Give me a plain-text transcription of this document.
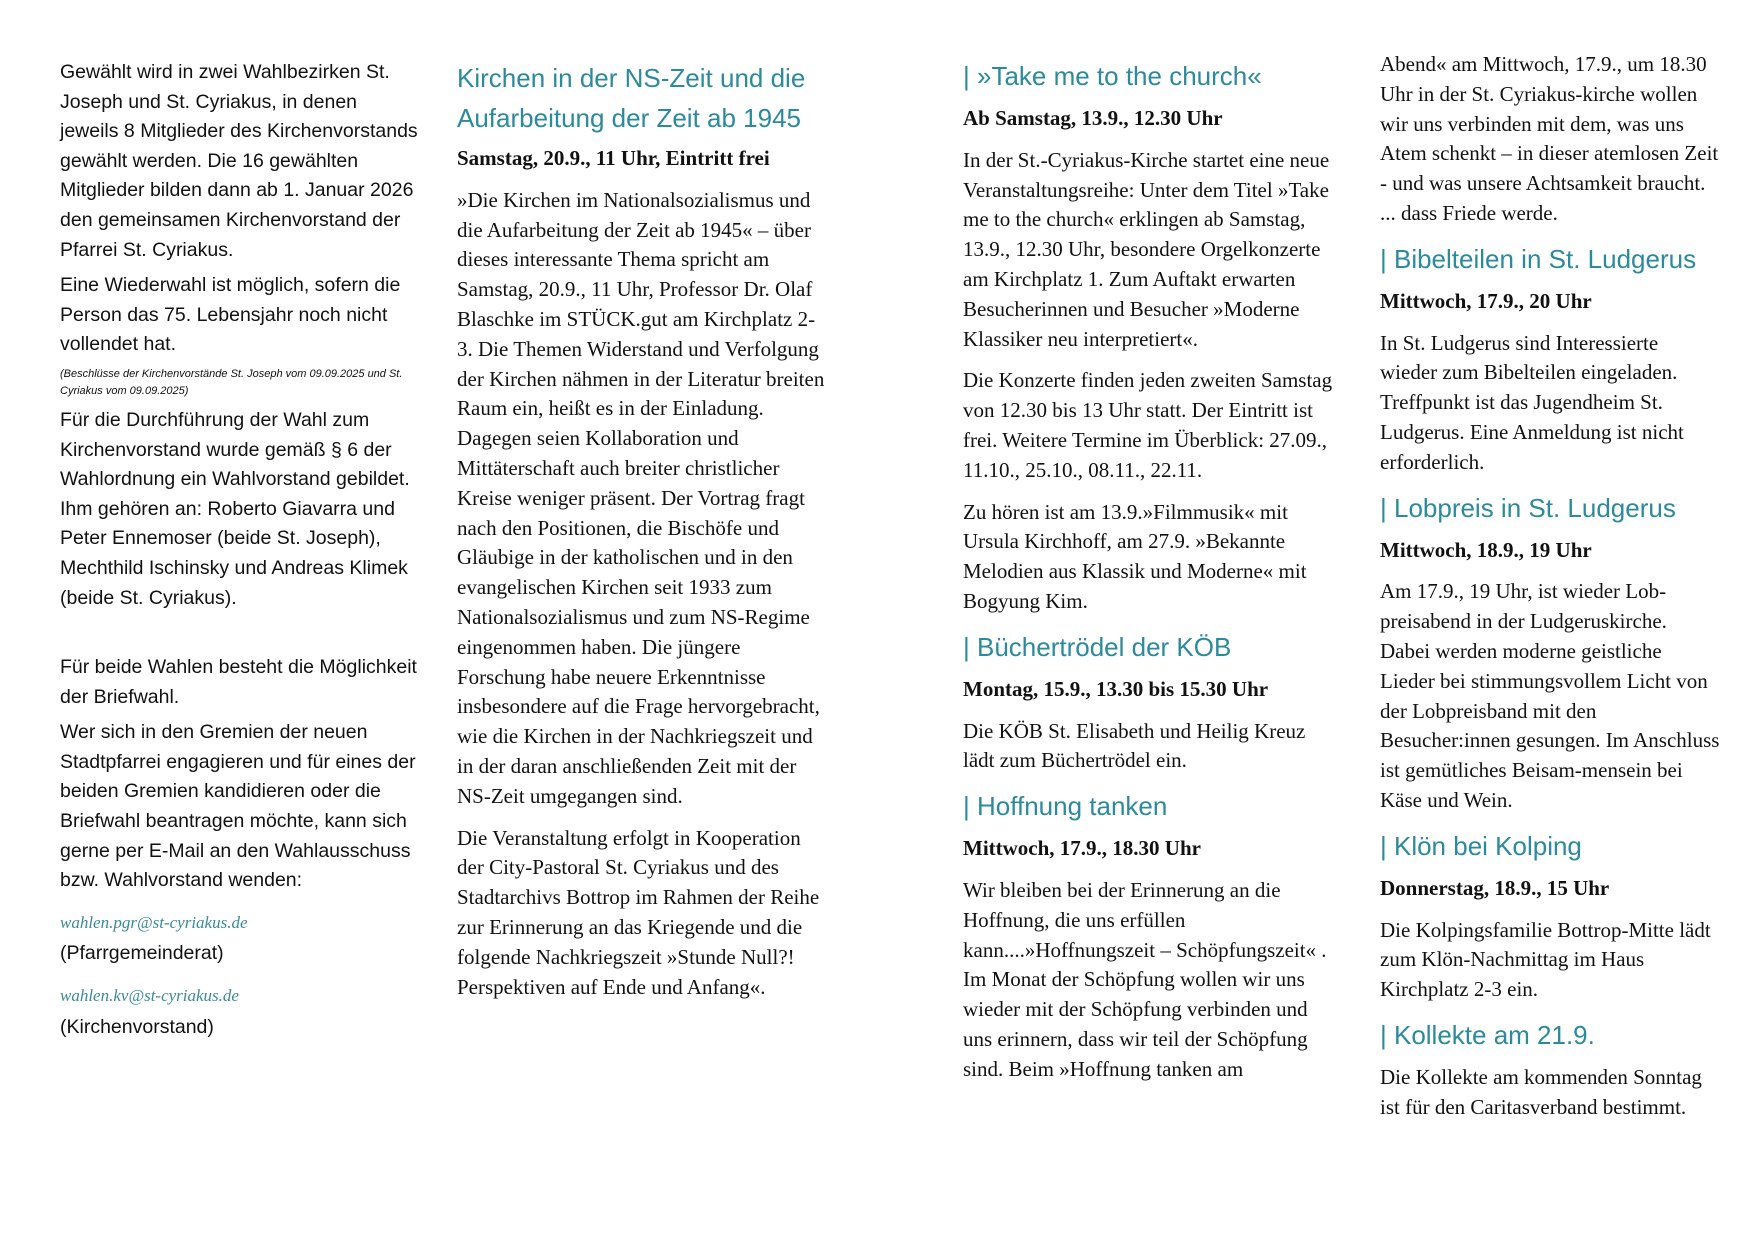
Gewählt wird in zwei Wahlbezirken St. Joseph und St. Cyriakus, in denen jeweils 8 Mitglieder des Kirchenvorstands gewählt werden. Die 16 gewählten Mitglieder bilden dann ab 1. Januar 2026 den gemeinsamen Kirchenvorstand der Pfarrei St. Cyriakus.

Eine Wiederwahl ist möglich, sofern die Person das 75. Lebensjahr noch nicht vollendet hat.

(Beschlüsse der Kirchenvorstände St. Joseph vom 09.09.2025 und St. Cyriakus vom 09.09.2025)

Für die Durchführung der Wahl zum Kirchenvorstand wurde gemäß § 6 der Wahlordnung ein Wahlvorstand gebildet. Ihm gehören an: Roberto Giavarra und Peter Ennemoser (beide St. Joseph), Mechthild Ischinsky und Andreas Klimek (beide St. Cyriakus).

Für beide Wahlen besteht die Möglichkeit der Briefwahl.

Wer sich in den Gremien der neuen Stadtpfarrei engagieren und für eines der beiden Gremien kandidieren oder die Briefwahl beantragen möchte, kann sich gerne per E-Mail an den Wahlausschuss bzw. Wahlvorstand wenden:

wahlen.pgr@st-cyriakus.de
(Pfarrgemeinderat)
wahlen.kv@st-cyriakus.de
(Kirchenvorstand)
Kirchen in der NS-Zeit und die Aufarbeitung der Zeit ab 1945

Samstag, 20.9., 11 Uhr, Eintritt frei

»Die Kirchen im Nationalsozialismus und die Aufarbeitung der Zeit ab 1945« – über dieses interessante Thema spricht am Samstag, 20.9., 11 Uhr, Professor Dr. Olaf Blaschke im STÜCK.gut am Kirchplatz 2-3. Die Themen Widerstand und Verfolgung der Kirchen nähmen in der Literatur breiten Raum ein, heißt es in der Einladung. Dagegen seien Kollaboration und Mittäterschaft auch breiter christlicher Kreise weniger präsent. Der Vortrag fragt nach den Positionen, die Bischöfe und Gläubige in der katholischen und in den evangelischen Kirchen seit 1933 zum Nationalsozialismus und zum NS-Regime eingenommen haben. Die jüngere Forschung habe neuere Erkenntnisse insbesondere auf die Frage hervorgebracht, wie die Kirchen in der Nachkriegszeit und in der daran anschließenden Zeit mit der NS-Zeit umgegangen sind.

Die Veranstaltung erfolgt in Kooperation der City-Pastoral St. Cyriakus und des Stadtarchivs Bottrop im Rahmen der Reihe zur Erinnerung an das Kriegende und die folgende Nachkriegszeit »Stunde Null?! Perspektiven auf Ende und Anfang«.

| »Take me to the church«

Ab Samstag, 13.9., 12.30 Uhr

In der St.-Cyriakus-Kirche startet eine neue Veranstaltungsreihe: Unter dem Titel »Take me to the church« erklingen ab Samstag, 13.9., 12.30 Uhr, besondere Orgelkonzerte am Kirchplatz 1. Zum Auftakt erwarten Besucherinnen und Besucher »Moderne Klassiker neu interpretiert«.

Die Konzerte finden jeden zweiten Samstag von 12.30 bis 13 Uhr statt. Der Eintritt ist frei. Weitere Termine im Überblick: 27.09., 11.10., 25.10., 08.11., 22.11.

Zu hören ist am 13.9.»Filmmusik« mit Ursula Kirchhoff, am 27.9. »Bekannte Melodien aus Klassik und Moderne« mit Bogyung Kim.

| Büchertrödel der KÖB

Montag, 15.9., 13.30 bis 15.30 Uhr

Die KÖB St. Elisabeth und Heilig Kreuz lädt zum Büchertrödel ein.

| Hoffnung tanken

Mittwoch, 17.9., 18.30 Uhr

Wir bleiben bei der Erinnerung an die Hoffnung, die uns erfüllen kann....»Hoffnungszeit – Schöpfungszeit« . Im Monat der Schöpfung wollen wir uns wieder mit der Schöpfung verbinden und uns erinnern, dass wir teil der Schöpfung sind. Beim »Hoffnung tanken am

Abend« am Mittwoch, 17.9., um 18.30 Uhr in der St. Cyriakus-kirche wollen wir uns verbinden mit dem, was uns Atem schenkt – in dieser atemlosen Zeit - und was unsere Achtsamkeit braucht. ... dass Friede werde.

| Bibelteilen in St. Ludgerus

Mittwoch, 17.9., 20 Uhr

In St. Ludgerus sind Interessierte wieder zum Bibelteilen eingeladen. Treffpunkt ist das Jugendheim St. Ludgerus. Eine Anmeldung ist nicht erforderlich.

| Lobpreis in St. Ludgerus

Mittwoch, 18.9., 19 Uhr

Am 17.9., 19 Uhr, ist wieder Lob-preisabend in der Ludgeruskirche. Dabei werden moderne geistliche Lieder bei stimmungsvollem Licht von der Lobpreisband mit den Besucher:innen gesungen. Im Anschluss ist gemütliches Beisam-mensein bei Käse und Wein.

| Klön bei Kolping

Donnerstag, 18.9., 15 Uhr

Die Kolpingsfamilie Bottrop-Mitte lädt zum Klön-Nachmittag im Haus Kirchplatz 2-3 ein.

| Kollekte am 21.9.

Die Kollekte am kommenden Sonntag ist für den Caritasverband bestimmt.
